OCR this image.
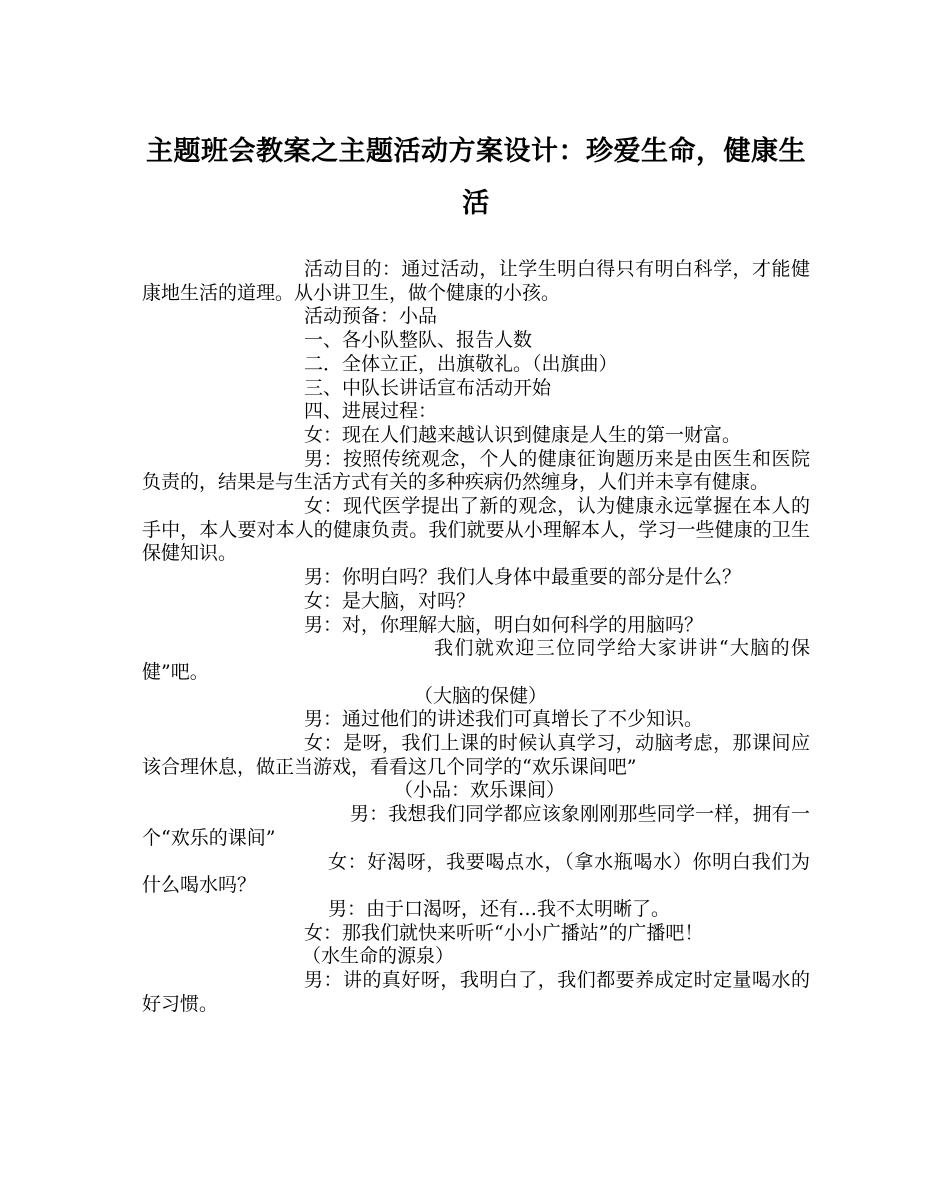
主题班会教案之主题活动方案设计：珍爱生命，健康生活

活动目的：通过活动，让学生明白得只有明白科学，才能健康地生活的道理。从小讲卫生，做个健康的小孩。

活动预备：小品

一、各小队整队、报告人数

二．全体立正，出旗敬礼。（出旗曲）

三、中队长讲话宣布活动开始

四、进展过程：

女：现在人们越来越认识到健康是人生的第一财富。

男：按照传统观念，个人的健康征询题历来是由医生和医院负责的，结果是与生活方式有关的多种疾病仍然缠身，人们并未享有健康。

女：现代医学提出了新的观念，认为健康永远掌握在本人的手中，本人要对本人的健康负责。我们就要从小理解本人，学习一些健康的卫生保健知识。

男：你明白吗？我们人身体中最重要的部分是什么？

女：是大脑，对吗？

男：对，你理解大脑，明白如何科学的用脑吗？

我们就欢迎三位同学给大家讲讲“大脑的保健”吧。

（大脑的保健）

男：通过他们的讲述我们可真增长了不少知识。

女：是呀，我们上课的时候认真学习，动脑考虑，那课间应该合理休息，做正当游戏，看看这几个同学的“欢乐课间吧”

（小品：欢乐课间）

男：我想我们同学都应该象刚刚那些同学一样，拥有一个“欢乐的课间”

女：好渴呀，我要喝点水，（拿水瓶喝水）你明白我们为什么喝水吗？

男：由于口渴呀，还有…我不太明晰了。

女：那我们就快来听听“小小广播站”的广播吧！

（水生命的源泉）

男：讲的真好呀，我明白了，我们都要养成定时定量喝水的好习惯。
